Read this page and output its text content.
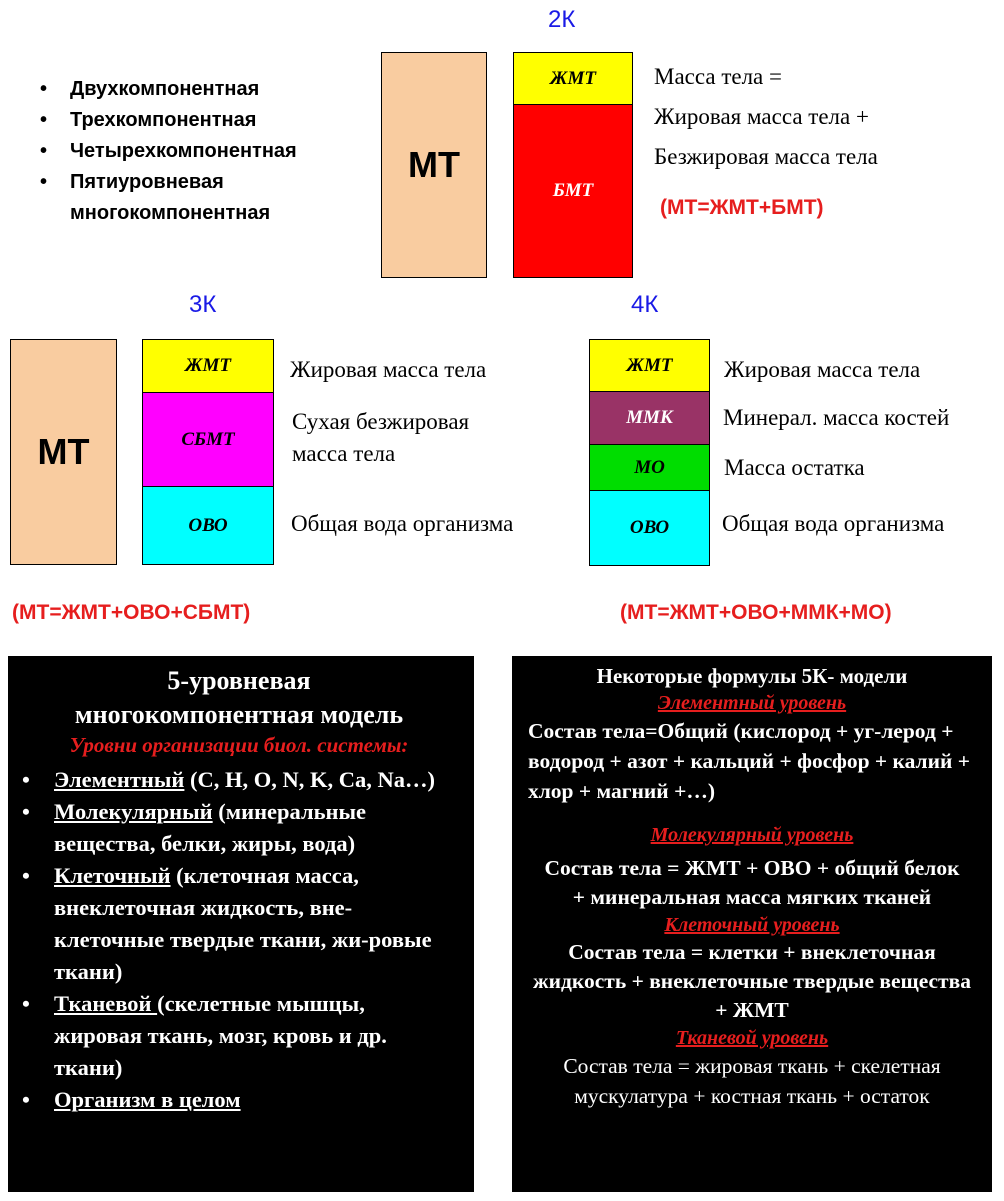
•	Двухкомпонентная
•	Трехкомпонентная
•	Четырехкомпонентная
•	Пятиуровневая многокомпонентная
2К
МТ
ЖМТ
БМТ
Масса тела =
Жировая масса тела +
Безжировая масса тела
(МТ=ЖМТ+БМТ)
3К
МТ
ЖМТ
СБМТ
ОВО
Жировая масса тела
Сухая безжировая
масса тела
Общая вода организма
(МТ=ЖМТ+ОВО+СБМТ)
4К
ЖМТ
ММК
МО
ОВО
Жировая масса тела
Минерал. масса костей
Масса остатка
Общая вода организма
(МТ=ЖМТ+ОВО+ММК+МО)
5-уровневая
многокомпонентная модель
Уровни организации биол. системы:
•	Элементный (C, H, O, N, K, Ca, Na…)
•	Молекулярный (минеральные вещества, белки, жиры, вода)
•	Клеточный (клеточная масса, внеклеточная жидкость, вне-клеточные твердые ткани, жи-ровые ткани)
•	Тканевой (скелетные мышцы, жировая ткань, мозг, кровь и др. ткани)
•	Организм в целом
Некоторые формулы 5К- модели
Элементный уровень
Состав тела=Общий (кислород + уг-лерод + водород + азот + кальций + фосфор + калий + хлор + магний +…)
Молекулярный уровень
Состав тела = ЖМТ + ОВО + общий белок + минеральная масса мягких тканей
Клеточный уровень
Состав тела = клетки + внеклеточная жидкость + внеклеточные твердые вещества + ЖМТ
Тканевой уровень
Состав тела = жировая ткань + скелетная мускулатура + костная ткань + остаток
